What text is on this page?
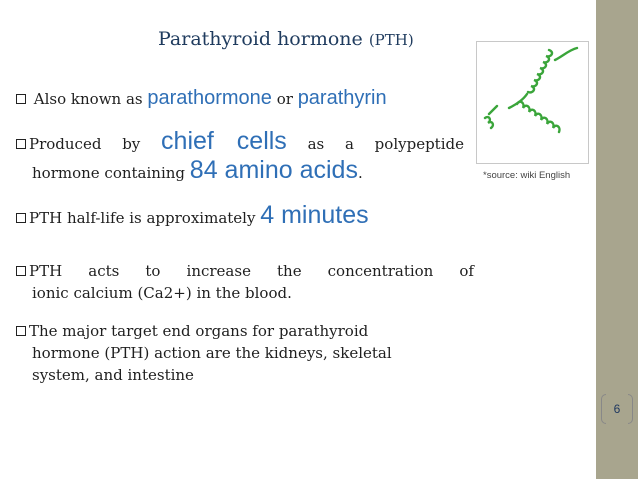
6
Parathyroid hormone (PTH)
*source: wiki English
Also known as parathormone or parathyrin
Produced by chief cells as a polypeptide
hormone containing 84 amino acids.
PTH half-life is approximately 4 minutes
PTH acts to increase the concentration of
ionic calcium (Ca2+) in the blood.
The major target end organs for parathyroid
hormone (PTH) action are the kidneys, skeletal
system, and intestine
